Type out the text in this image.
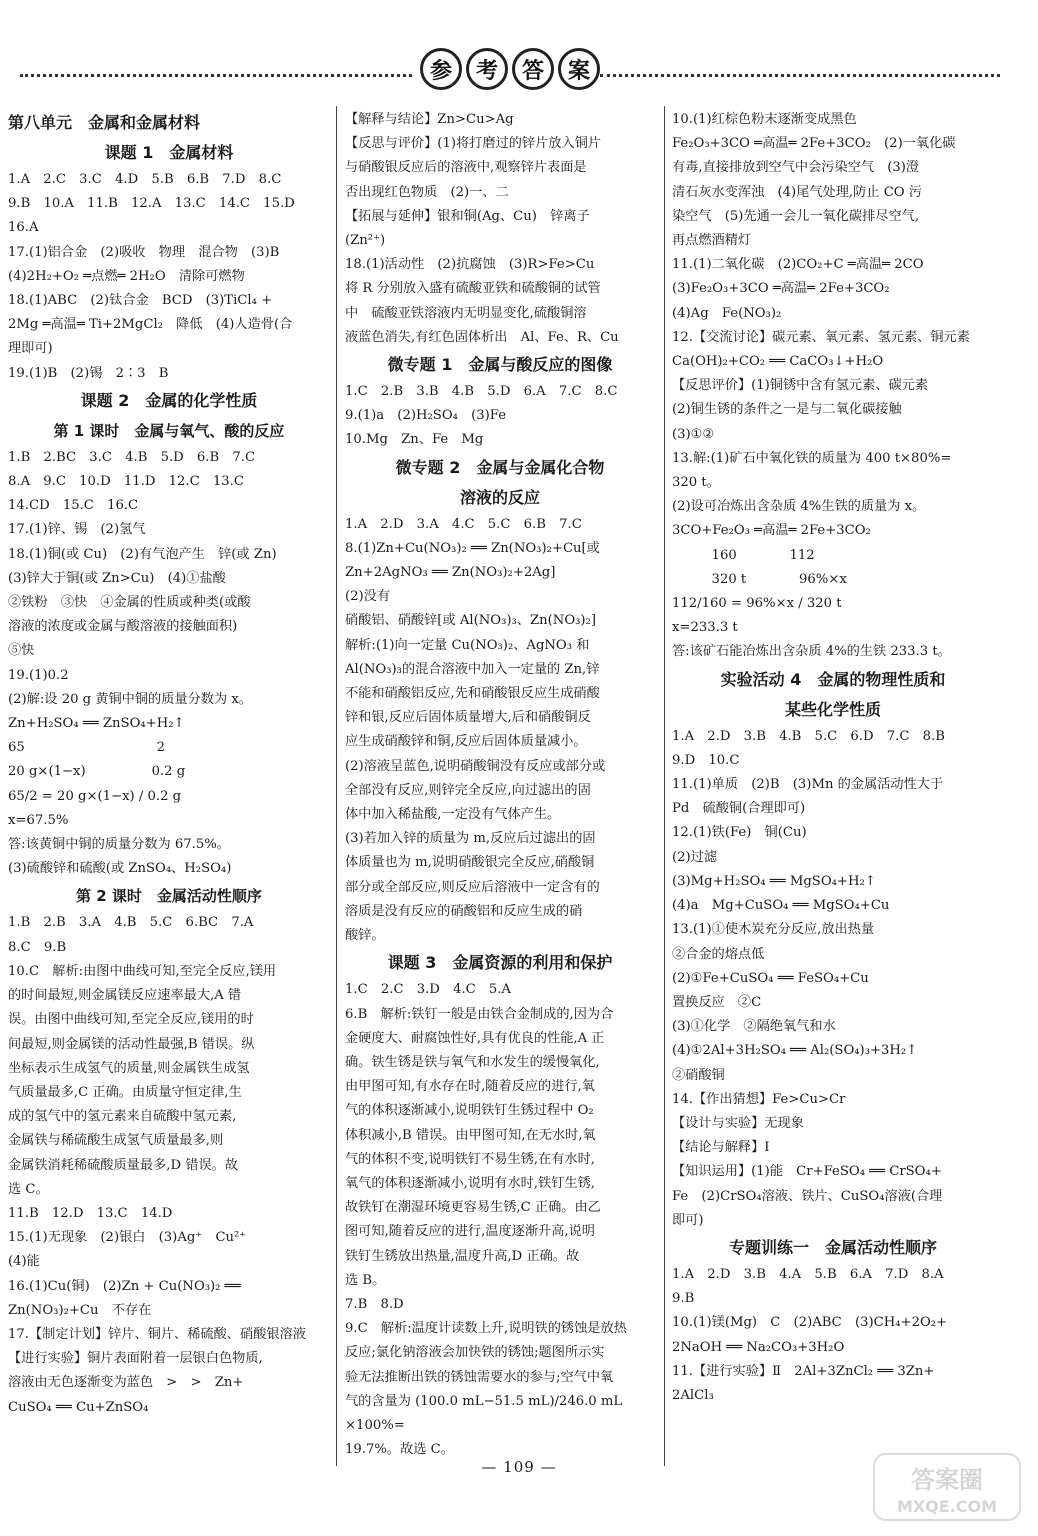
参	考	答	案
第八单元　金属和金属材料
课题 1　金属材料
1.A　2.C　3.C　4.D　5.B　6.B　7.D　8.C
9.B　10.A　11.B　12.A　13.C　14.C　15.D
16.A
17.(1)铝合金　(2)吸收　物理　混合物　(3)B
(4)2H₂+O₂ ═点燃═ 2H₂O　清除可燃物
18.(1)ABC　(2)钛合金　BCD　(3)TiCl₄ +
2Mg ═高温═ Ti+2MgCl₂　降低　(4)人造骨(合
理即可)
19.(1)B　(2)锡　2∶3　B
课题 2　金属的化学性质
第 1 课时　金属与氧气、酸的反应
1.B　2.BC　3.C　4.B　5.D　6.B　7.C
8.A　9.C　10.D　11.D　12.C　13.C
14.CD　15.C　16.C
17.(1)锌、锡　(2)氢气
18.(1)铜(或 Cu)　(2)有气泡产生　锌(或 Zn)
(3)锌大于铜(或 Zn>Cu)　(4)①盐酸
②铁粉　③快　④金属的性质或种类(或酸
溶液的浓度或金属与酸溶液的接触面积)
⑤快
19.(1)0.2
(2)解:设 20 g 黄铜中铜的质量分数为 x。
Zn+H₂SO₄ ══ ZnSO₄+H₂↑
65　　　　　　　　　　2
20 g×(1−x)　　　　　0.2 g
65/2 = 20 g×(1−x) / 0.2 g
x=67.5%
答:该黄铜中铜的质量分数为 67.5%。
(3)硫酸锌和硫酸(或 ZnSO₄、H₂SO₄)
第 2 课时　金属活动性顺序
1.B　2.B　3.A　4.B　5.C　6.BC　7.A
8.C　9.B
10.C　解析:由图中曲线可知,至完全反应,镁用
的时间最短,则金属镁反应速率最大,A 错
误。由图中曲线可知,至完全反应,镁用的时
间最短,则金属镁的活动性最强,B 错误。纵
坐标表示生成氢气的质量,则金属铁生成氢
气质量最多,C 正确。由质量守恒定律,生
成的氢气中的氢元素来自硫酸中氢元素,
金属铁与稀硫酸生成氢气质量最多,则
金属铁消耗稀硫酸质量最多,D 错误。故
选 C。
11.B　12.D　13.C　14.D
15.(1)无现象　(2)银白　(3)Ag⁺　Cu²⁺
(4)能
16.(1)Cu(铜)　(2)Zn + Cu(NO₃)₂ ══
Zn(NO₃)₂+Cu　不存在
17.【制定计划】锌片、铜片、稀硫酸、硝酸银溶液
【进行实验】铜片表面附着一层银白色物质,
溶液由无色逐渐变为蓝色　>　>　Zn+
CuSO₄ ══ Cu+ZnSO₄
【解释与结论】Zn>Cu>Ag
【反思与评价】(1)将打磨过的锌片放入铜片
与硝酸银反应后的溶液中,观察锌片表面是
否出现红色物质　(2)一、二
【拓展与延伸】银和铜(Ag、Cu)　锌离子
(Zn²⁺)
18.(1)活动性　(2)抗腐蚀　(3)R>Fe>Cu
将 R 分别放入盛有硫酸亚铁和硫酸铜的试管
中　硫酸亚铁溶液内无明显变化,硫酸铜溶
液蓝色消失,有红色固体析出　Al、Fe、R、Cu
微专题 1　金属与酸反应的图像
1.C　2.B　3.B　4.B　5.D　6.A　7.C　8.C
9.(1)a　(2)H₂SO₄　(3)Fe
10.Mg　Zn、Fe　Mg
微专题 2　金属与金属化合物
溶液的反应
1.A　2.D　3.A　4.C　5.C　6.B　7.C
8.(1)Zn+Cu(NO₃)₂ ══ Zn(NO₃)₂+Cu[或
Zn+2AgNO₃ ══ Zn(NO₃)₂+2Ag]
(2)没有
硝酸铝、硝酸锌[或 Al(NO₃)₃、Zn(NO₃)₂]
解析:(1)向一定量 Cu(NO₃)₂、AgNO₃ 和
Al(NO₃)₃的混合溶液中加入一定量的 Zn,锌
不能和硝酸铝反应,先和硝酸银反应生成硝酸
锌和银,反应后固体质量增大,后和硝酸铜反
应生成硝酸锌和铜,反应后固体质量减小。
(2)溶液呈蓝色,说明硝酸铜没有反应或部分或
全部没有反应,则锌完全反应,向过滤出的固
体中加入稀盐酸,一定没有气体产生。
(3)若加入锌的质量为 m,反应后过滤出的固
体质量也为 m,说明硝酸银完全反应,硝酸铜
部分或全部反应,则反应后溶液中一定含有的
溶质是没有反应的硝酸铝和反应生成的硝
酸锌。
课题 3　金属资源的利用和保护
1.C　2.C　3.D　4.C　5.A
6.B　解析:铁钉一般是由铁合金制成的,因为合
金硬度大、耐腐蚀性好,具有优良的性能,A 正
确。铁生锈是铁与氧气和水发生的缓慢氧化,
由甲图可知,有水存在时,随着反应的进行,氧
气的体积逐渐减小,说明铁钉生锈过程中 O₂
体积减小,B 错误。由甲图可知,在无水时,氧
气的体积不变,说明铁钉不易生锈,在有水时,
氧气的体积逐渐减小,说明有水时,铁钉生锈,
故铁钉在潮湿环境更容易生锈,C 正确。由乙
图可知,随着反应的进行,温度逐渐升高,说明
铁钉生锈放出热量,温度升高,D 正确。故
选 B。
7.B　8.D
9.C　解析:温度计读数上升,说明铁的锈蚀是放热
反应;氯化钠溶液会加快铁的锈蚀;题图所示实
验无法推断出铁的锈蚀需要水的参与;空气中氧
气的含量为 (100.0 mL−51.5 mL)/246.0 mL ×100%=
19.7%。故选 C。
10.(1)红棕色粉末逐渐变成黑色
Fe₂O₃+3CO ═高温═ 2Fe+3CO₂　(2)一氧化碳
有毒,直接排放到空气中会污染空气　(3)澄
清石灰水变浑浊　(4)尾气处理,防止 CO 污
染空气　(5)先通一会儿一氧化碳排尽空气,
再点燃酒精灯
11.(1)二氧化碳　(2)CO₂+C ═高温═ 2CO
(3)Fe₂O₃+3CO ═高温═ 2Fe+3CO₂
(4)Ag　Fe(NO₃)₂
12.【交流讨论】碳元素、氧元素、氢元素、铜元素
Ca(OH)₂+CO₂ ══ CaCO₃↓+H₂O
【反思评价】(1)铜锈中含有氢元素、碳元素
(2)铜生锈的条件之一是与二氧化碳接触
(3)①②
13.解:(1)矿石中氧化铁的质量为 400 t×80%=
320 t。
(2)设可冶炼出含杂质 4%生铁的质量为 x。
3CO+Fe₂O₃ ═高温═ 2Fe+3CO₂
　　　160　　　　112
　　　320 t　　　　96%×x
112/160 = 96%×x / 320 t
x=233.3 t
答:该矿石能冶炼出含杂质 4%的生铁 233.3 t。
实验活动 4　金属的物理性质和
某些化学性质
1.A　2.D　3.B　4.B　5.C　6.D　7.C　8.B
9.D　10.C
11.(1)单质　(2)B　(3)Mn 的金属活动性大于
Pd　硫酸铜(合理即可)
12.(1)铁(Fe)　铜(Cu)
(2)过滤
(3)Mg+H₂SO₄ ══ MgSO₄+H₂↑
(4)a　Mg+CuSO₄ ══ MgSO₄+Cu
13.(1)①使木炭充分反应,放出热量
②合金的熔点低
(2)①Fe+CuSO₄ ══ FeSO₄+Cu
置换反应　②C
(3)①化学　②隔绝氧气和水
(4)①2Al+3H₂SO₄ ══ Al₂(SO₄)₃+3H₂↑
②硝酸铜
14.【作出猜想】Fe>Cu>Cr
【设计与实验】无现象
【结论与解释】Ⅰ
【知识运用】(1)能　Cr+FeSO₄ ══ CrSO₄+
Fe　(2)CrSO₄溶液、铁片、CuSO₄溶液(合理
即可)
专题训练一　金属活动性顺序
1.A　2.D　3.B　4.A　5.B　6.A　7.D　8.A
9.B
10.(1)镁(Mg)　C　(2)ABC　(3)CH₄+2O₂+
2NaOH ══ Na₂CO₃+3H₂O
11.【进行实验】Ⅱ　2Al+3ZnCl₂ ══ 3Zn+
2AlCl₃
— 109 —	答案圈
MXQE.COM
